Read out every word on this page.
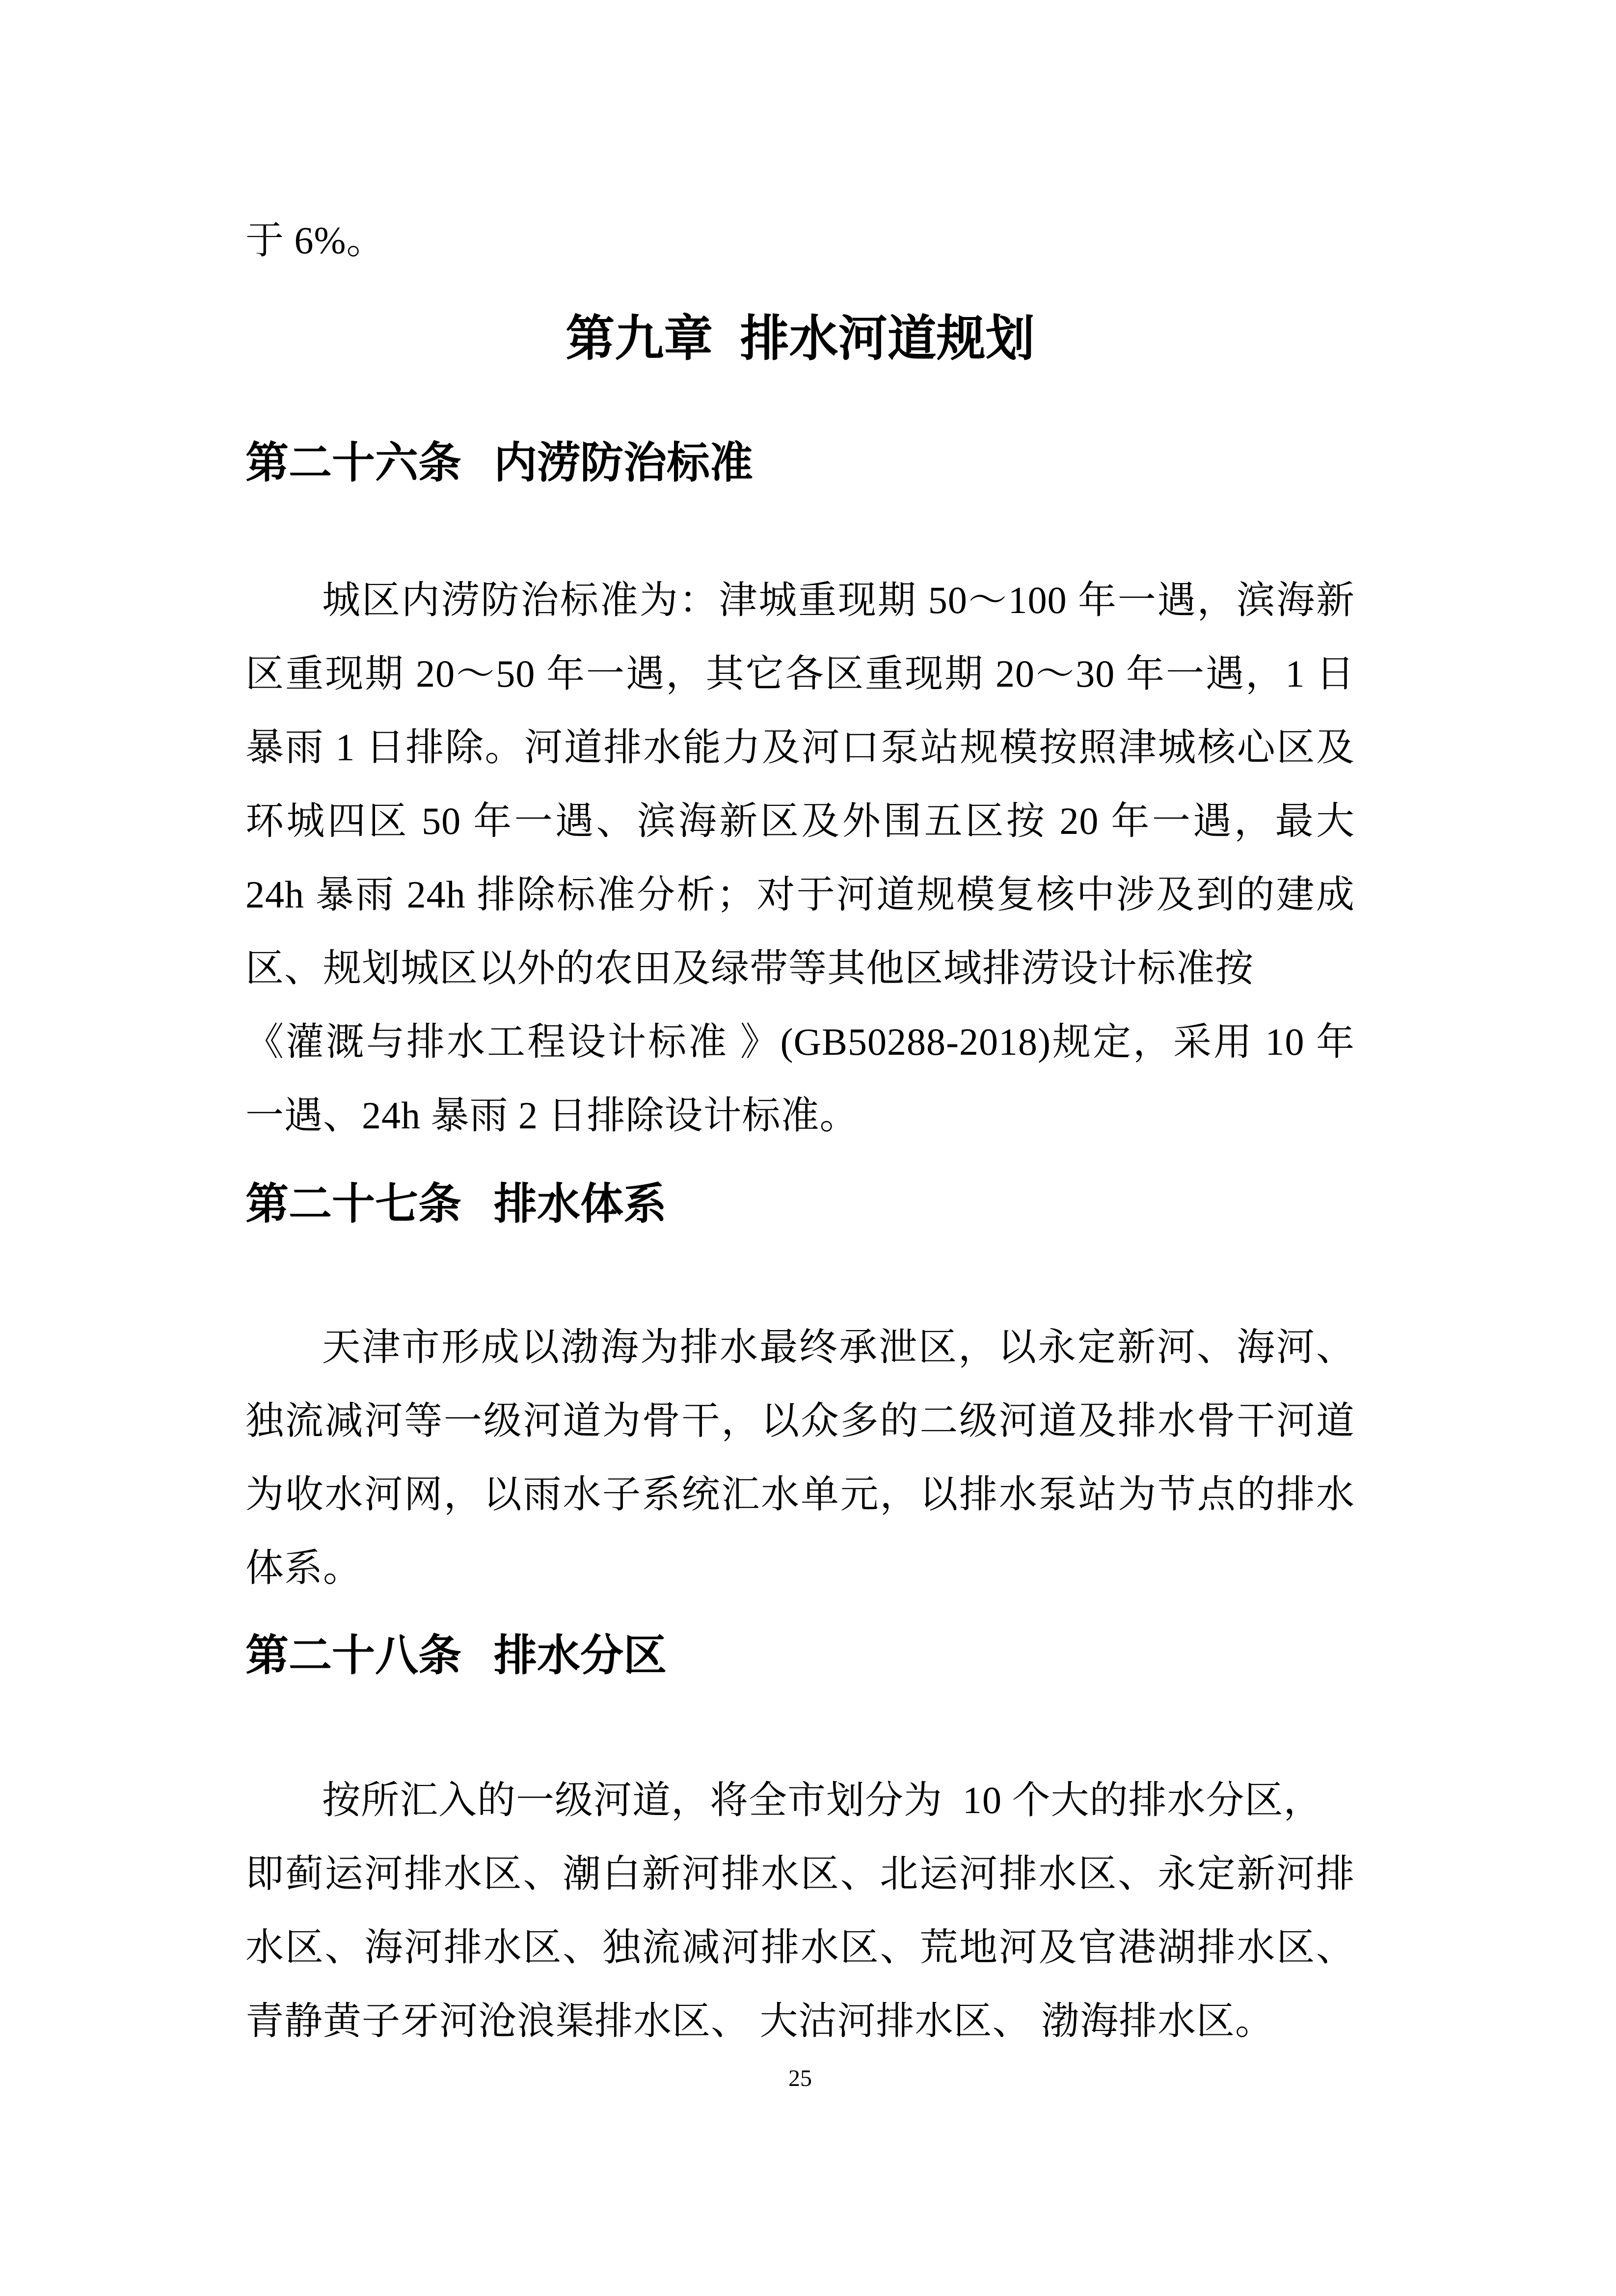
于 6%。
第九章  排水河道规划
第二十六条   内涝防治标准
城区内涝防治标准为：津城重现期 50～100 年一遇，滨海新
区重现期 20～50 年一遇，其它各区重现期 20～30 年一遇，1 日
暴雨 1 日排除。河道排水能力及河口泵站规模按照津城核心区及
环城四区 50 年一遇、滨海新区及外围五区按 20 年一遇，最大
24h 暴雨 24h 排除标准分析；对于河道规模复核中涉及到的建成
区、规划城区以外的农田及绿带等其他区域排涝设计标准按
《灌溉与排水工程设计标准 》(GB50288-2018)规定，采用 10 年
一遇、24h 暴雨 2 日排除设计标准。
第二十七条   排水体系
天津市形成以渤海为排水最终承泄区，以永定新河、海河、
独流减河等一级河道为骨干，以众多的二级河道及排水骨干河道
为收水河网，以雨水子系统汇水单元，以排水泵站为节点的排水
体系。
第二十八条   排水分区
按所汇入的一级河道，将全市划分为  10 个大的排水分区，
即蓟运河排水区、潮白新河排水区、北运河排水区、永定新河排
水区、海河排水区、独流减河排水区、荒地河及官港湖排水区、
青静黄子牙河沧浪渠排水区、 大沽河排水区、 渤海排水区。
25
